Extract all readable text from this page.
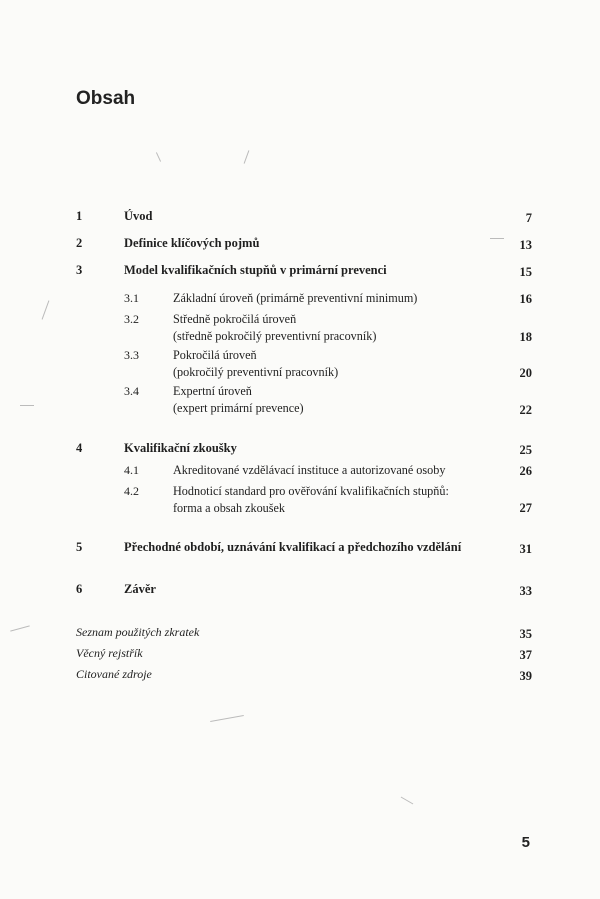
Obsah
1	Úvod	7
2	Definice klíčových pojmů	13
3	Model kvalifikačních stupňů v primární prevenci	15
3.1	Základní úroveň (primárně preventivní minimum)	16
3.2	Středně pokročilá úroveň
(středně pokročilý preventivní pracovník)	18
3.3	Pokročilá úroveň
(pokročilý preventivní pracovník)	20
3.4	Expertní úroveň
(expert primární prevence)	22
4	Kvalifikační zkoušky	25
4.1	Akreditované vzdělávací instituce a autorizované osoby	26
4.2	Hodnoticí standard pro ověřování kvalifikačních stupňů:
forma a obsah zkoušek	27
5	Přechodné období, uznávání kvalifikací a předchozího vzdělání	31
6	Závěr	33
Seznam použitých zkratek	35
Věcný rejstřík	37
Citované zdroje	39
5
